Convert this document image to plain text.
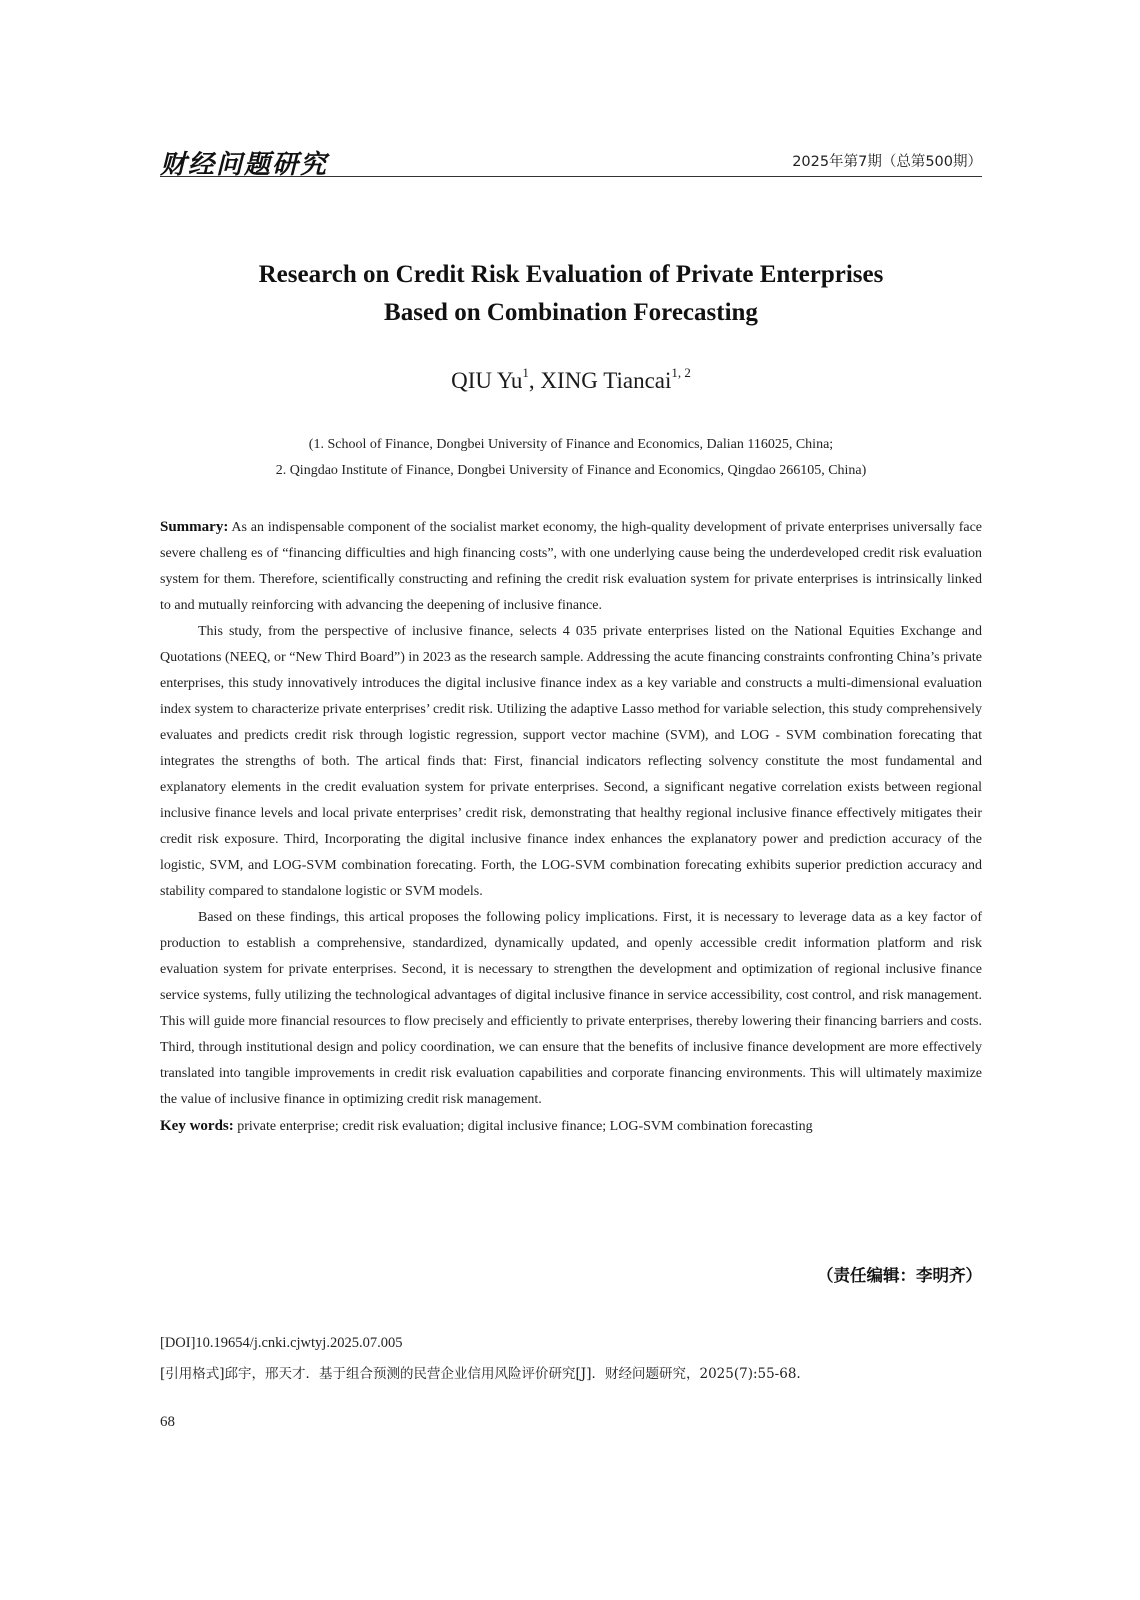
财经问题研究	2025年第7期（总第500期）
Research on Credit Risk Evaluation of Private Enterprises
Based on Combination Forecasting
QIU Yu$^1$, XING Tiancai$^{1, 2}$
(1. School of Finance, Dongbei University of Finance and Economics, Dalian 116025, China;
2. Qingdao Institute of Finance, Dongbei University of Finance and Economics, Qingdao 266105, China)

Summary: As an indispensable component of the socialist market economy, the high-quality development of private enterprises universally face severe challeng es of “financing difficulties and high financing costs”, with one underlying cause being the underdeveloped credit risk evaluation system for them. Therefore, scientifically constructing and refining the credit risk evaluation system for private enterprises is intrinsically linked to and mutually reinforcing with advancing the deepening of inclusive finance.

This study, from the perspective of inclusive finance, selects 4 035 private enterprises listed on the National Equities Exchange and Quotations (NEEQ, or “New Third Board”) in 2023 as the research sample. Addressing the acute financing constraints confronting China’s private enterprises, this study innovatively introduces the digital inclusive finance index as a key variable and constructs a multi-dimensional evaluation index system to characterize private enterprises’ credit risk. Utilizing the adaptive Lasso method for variable selection, this study comprehensively evaluates and predicts credit risk through logistic regression, support vector machine (SVM), and LOG - SVM combination forecating that integrates the strengths of both. The artical finds that: First, financial indicators reflecting solvency constitute the most fundamental and explanatory elements in the credit evaluation system for private enterprises. Second, a significant negative correlation exists between regional inclusive finance levels and local private enterprises’ credit risk, demonstrating that healthy regional inclusive finance effectively mitigates their credit risk exposure. Third, Incorporating the digital inclusive finance index enhances the explanatory power and prediction accuracy of the logistic, SVM, and LOG-SVM combination forecating. Forth, the LOG-SVM combination forecating exhibits superior prediction accuracy and stability compared to standalone logistic or SVM models.

Based on these findings, this artical proposes the following policy implications. First, it is necessary to leverage data as a key factor of production to establish a comprehensive, standardized, dynamically updated, and openly accessible credit information platform and risk evaluation system for private enterprises. Second, it is necessary to strengthen the development and optimization of regional inclusive finance service systems, fully utilizing the technological advantages of digital inclusive finance in service accessibility, cost control, and risk management. This will guide more financial resources to flow precisely and efficiently to private enterprises, thereby lowering their financing barriers and costs. Third, through institutional design and policy coordination, we can ensure that the benefits of inclusive finance development are more effectively translated into tangible improvements in credit risk evaluation capabilities and corporate financing environments. This will ultimately maximize the value of inclusive finance in optimizing credit risk management.

Key words: private enterprise; credit risk evaluation; digital inclusive finance; LOG-SVM combination forecasting

（责任编辑：李明齐）
[DOI]10.19654/j.cnki.cjwtyj.2025.07.005
[引用格式]邱宇，邢天才．基于组合预测的民营企业信用风险评价研究[J]．财经问题研究，2025(7):55-68.
68
